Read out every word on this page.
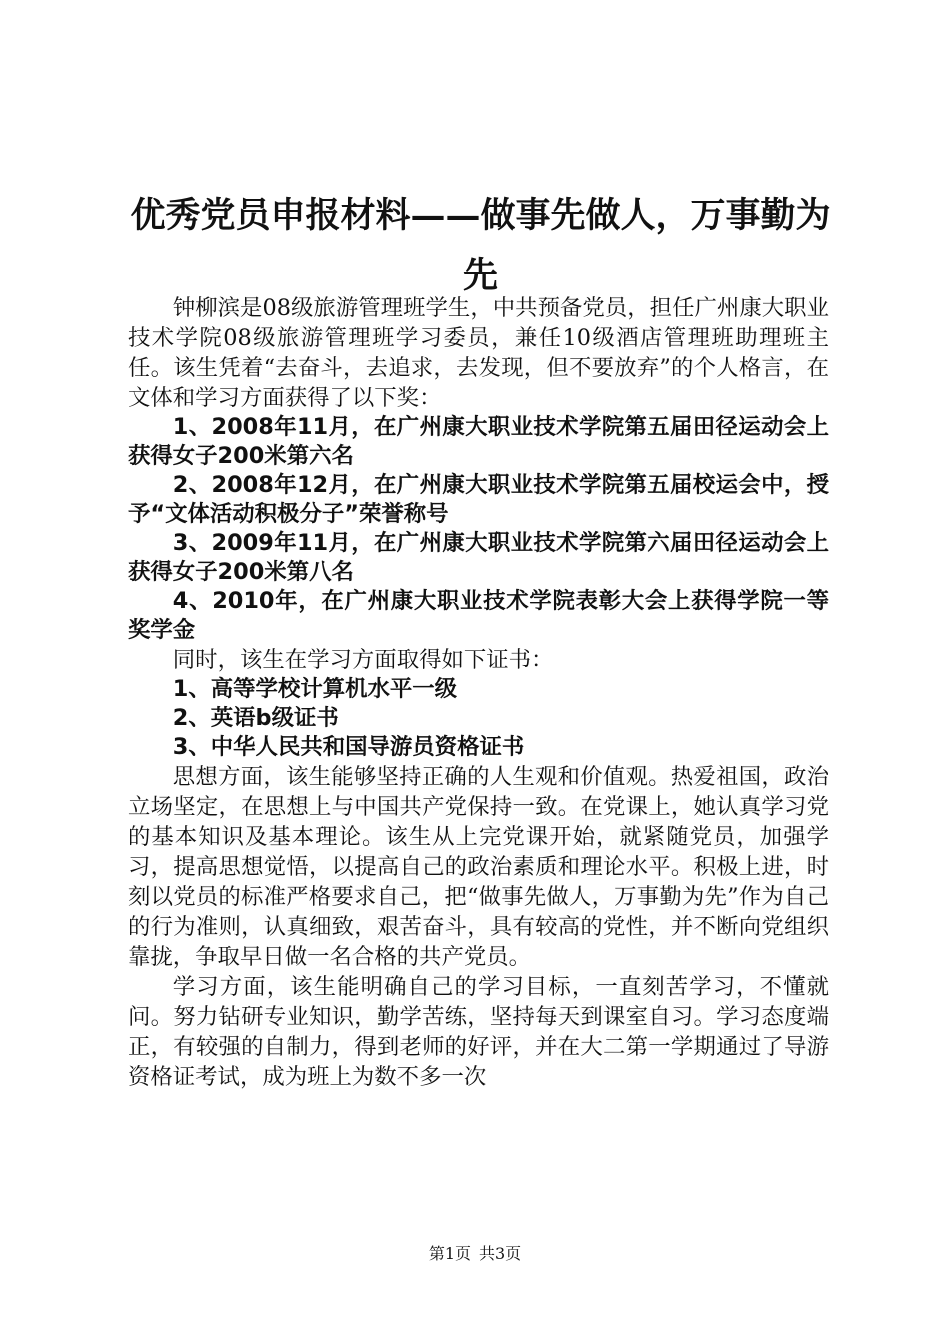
优秀党员申报材料——做事先做人，万事勤为先

钟柳滨是08级旅游管理班学生，中共预备党员，担任广州康大职业技术学院08级旅游管理班学习委员，兼任10级酒店管理班助理班主任。该生凭着“去奋斗，去追求，去发现，但不要放弃”的个人格言，在文体和学习方面获得了以下奖：

1、2008年11月，在广州康大职业技术学院第五届田径运动会上获得女子200米第六名

2、2008年12月，在广州康大职业技术学院第五届校运会中，授予“文体活动积极分子”荣誉称号

3、2009年11月，在广州康大职业技术学院第六届田径运动会上获得女子200米第八名

4、2010年，在广州康大职业技术学院表彰大会上获得学院一等奖学金

同时，该生在学习方面取得如下证书：

1、高等学校计算机水平一级

2、英语b级证书

3、中华人民共和国导游员资格证书

思想方面，该生能够坚持正确的人生观和价值观。热爱祖国，政治立场坚定，在思想上与中国共产党保持一致。在党课上，她认真学习党的基本知识及基本理论。该生从上完党课开始，就紧随党员，加强学习，提高思想觉悟，以提高自己的政治素质和理论水平。积极上进，时刻以党员的标准严格要求自己，把“做事先做人，万事勤为先”作为自己的行为准则，认真细致，艰苦奋斗，具有较高的党性，并不断向党组织靠拢，争取早日做一名合格的共产党员。

学习方面，该生能明确自己的学习目标，一直刻苦学习，不懂就问。努力钻研专业知识，勤学苦练，坚持每天到课室自习。学习态度端正，有较强的自制力，得到老师的好评，并在大二第一学期通过了导游资格证考试，成为班上为数不多一次

第1页 共3页
